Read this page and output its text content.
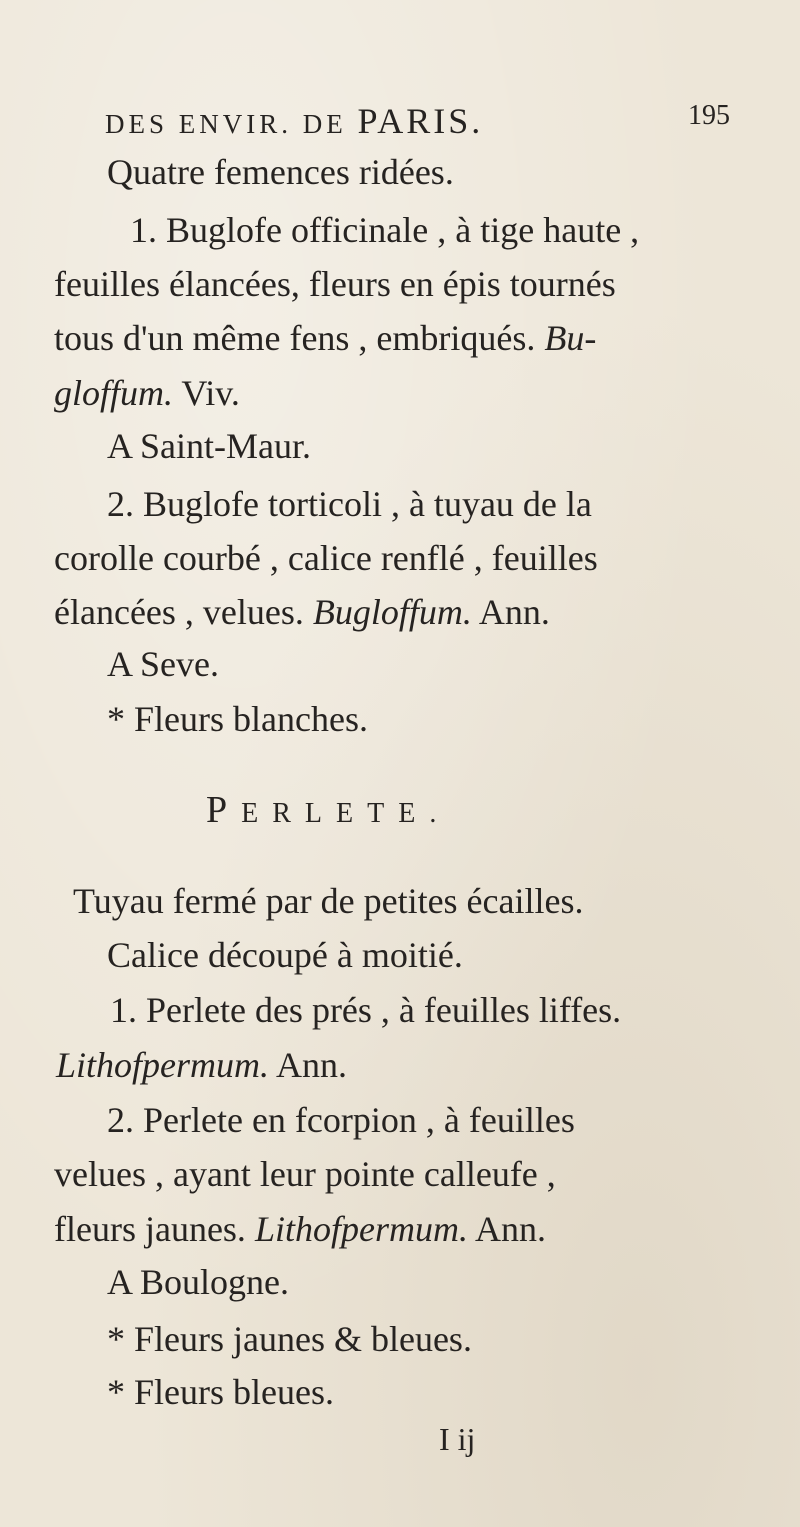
DES ENVIR. DE PARIS.	195
Quatre femences ridées.
1. Buglofe officinale , à tige haute ,
feuilles élancées, fleurs en épis tournés
tous d'un même fens , embriqués. Bu-
gloffum. Viv.
A Saint-Maur.
2. Buglofe torticoli , à tuyau de la
corolle courbé , calice renflé , feuilles
élancées , velues. Bugloffum. Ann.
A Seve.
* Fleurs blanches.
PERLETE.
Tuyau fermé par de petites écailles.
Calice découpé à moitié.
1. Perlete des prés , à feuilles liffes.
Lithofpermum. Ann.
2. Perlete en fcorpion , à feuilles
velues , ayant leur pointe calleufe ,
fleurs jaunes. Lithofpermum. Ann.
A Boulogne.
* Fleurs jaunes & bleues.
* Fleurs bleues.
I ij
